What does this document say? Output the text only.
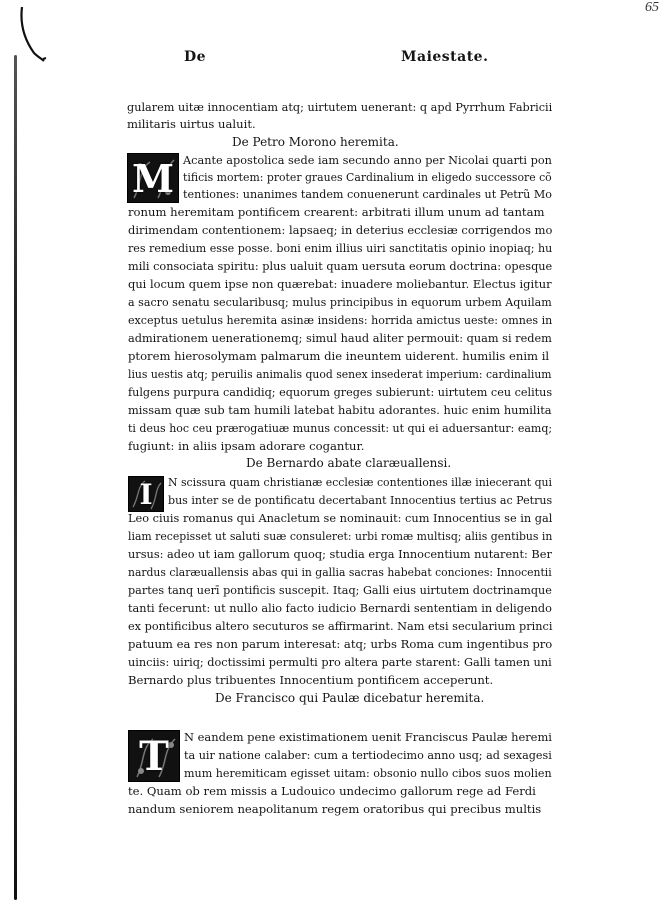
65
De	Maiestate.
gularem uitæ innocentiam atq; uirtutem uenerant: q apd Pyrrhum Fabricii
militaris uirtus ualuit.
De Petro Morono heremita.
M Acante apostolica sede iam secundo anno per Nicolai quarti pon
tificis mortem: proter graues Cardinalium in eligedo successore cõ
tentiones: unanimes tandem conuenerunt cardinales ut Petrũ Mo
ronum heremitam pontificem crearent: arbitrati illum unum ad tantam
dirimendam contentionem: lapsaeq; in deterius ecclesiæ corrigendos mo
res remedium esse posse. boni enim illius uiri sanctitatis opinio inopiaq; hu
mili consociata spiritu: plus ualuit quam uersuta eorum doctrina: opesque
qui locum quem ipse non quærebat: inuadere moliebantur. Electus igitur
a sacro senatu secularibusq; mulus principibus in equorum urbem Aquilam
exceptus uetulus heremita asinæ insidens: horrida amictus ueste: omnes in
admirationem uenerationemq; simul haud aliter permouit: quam si redem
ptorem hierosolymam palmarum die ineuntem uiderent. humilis enim il
lius uestis atq; peruilis animalis quod senex insederat imperium: cardinalium
fulgens purpura candidiq; equorum greges subierunt: uirtutem ceu celitus
missam quæ sub tam humili latebat habitu adorantes. huic enim humilita
ti deus hoc ceu prærogatiuæ munus concessit: ut qui ei aduersantur: eamq;
fugiunt: in aliis ipsam adorare cogantur.
De Bernardo abate claræuallensi.
I N scissura quam christianæ ecclesiæ contentiones illæ iniecerant qui
bus inter se de pontificatu decertabant Innocentius tertius ac Petrus
Leo ciuis romanus qui Anacletum se nominauit: cum Innocentius se in gal
liam recepisset ut saluti suæ consuleret: urbi romæ multisq; aliis gentibus in
ursus: adeo ut iam gallorum quoq; studia erga Innocentium nutarent: Ber
nardus claræuallensis abas qui in gallia sacras habebat conciones: Innocentii
partes tanq uerī pontificis suscepit. Itaq; Galli eius uirtutem doctrinamque
tanti fecerunt: ut nullo alio facto iudicio Bernardi sententiam in deligendo
ex pontificibus altero secuturos se affirmarint. Nam etsi secularium princi
patuum ea res non parum interesat: atq; urbs Roma cum ingentibus pro
uinciis: uiriq; doctissimi permulti pro altera parte starent: Galli tamen uni
Bernardo plus tribuentes Innocentium pontificem acceperunt.
De Francisco qui Paulæ dicebatur heremita.
T N eandem pene existimationem uenit Franciscus Paulæ heremi
ta uir natione calaber: cum a tertiodecimo anno usq; ad sexagesi
mum heremiticam egisset uitam: obsonio nullo cibos suos molien
te. Quam ob rem missis a Ludouico undecimo gallorum rege ad Ferdi
nandum seniorem neapolitanum regem oratoribus qui precibus multis
